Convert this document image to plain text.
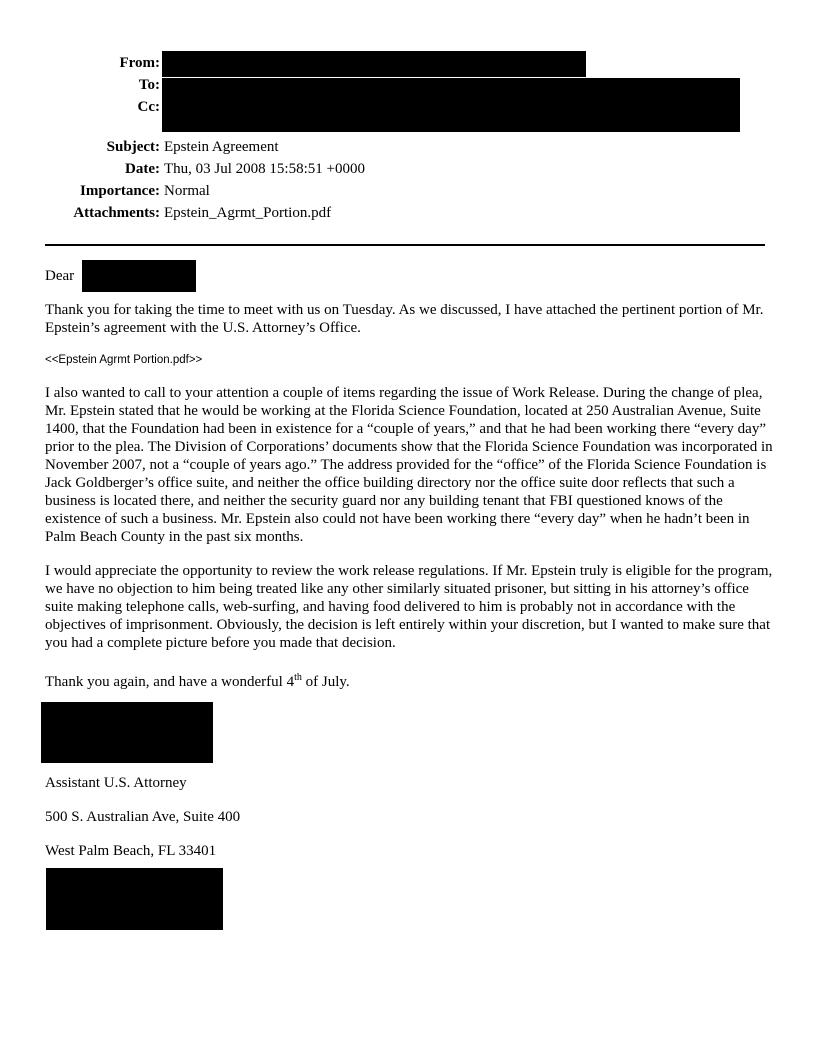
From:
To:
Cc:
Subject: Epstein Agreement
Date: Thu, 03 Jul 2008 15:58:51 +0000
Importance: Normal
Attachments: Epstein_Agrmt_Portion.pdf
Dear
Thank you for taking the time to meet with us on Tuesday. As we discussed, I have attached the pertinent portion of Mr. Epstein’s agreement with the U.S. Attorney’s Office.
<<Epstein Agrmt Portion.pdf>>
I also wanted to call to your attention a couple of items regarding the issue of Work Release. During the change of plea, Mr. Epstein stated that he would be working at the Florida Science Foundation, located at 250 Australian Avenue, Suite 1400, that the Foundation had been in existence for a “couple of years,” and that he had been working there “every day” prior to the plea. The Division of Corporations’ documents show that the Florida Science Foundation was incorporated in November 2007, not a “couple of years ago.” The address provided for the “office” of the Florida Science Foundation is Jack Goldberger’s office suite, and neither the office building directory nor the office suite door reflects that such a business is located there, and neither the security guard nor any building tenant that FBI questioned knows of the existence of such a business. Mr. Epstein also could not have been working there “every day” when he hadn’t been in Palm Beach County in the past six months.
I would appreciate the opportunity to review the work release regulations. If Mr. Epstein truly is eligible for the program, we have no objection to him being treated like any other similarly situated prisoner, but sitting in his attorney’s office suite making telephone calls, web-surfing, and having food delivered to him is probably not in accordance with the objectives of imprisonment. Obviously, the decision is left entirely within your discretion, but I wanted to make sure that you had a complete picture before you made that decision.
Thank you again, and have a wonderful 4th of July.
Assistant U.S. Attorney
500 S. Australian Ave, Suite 400
West Palm Beach, FL 33401
